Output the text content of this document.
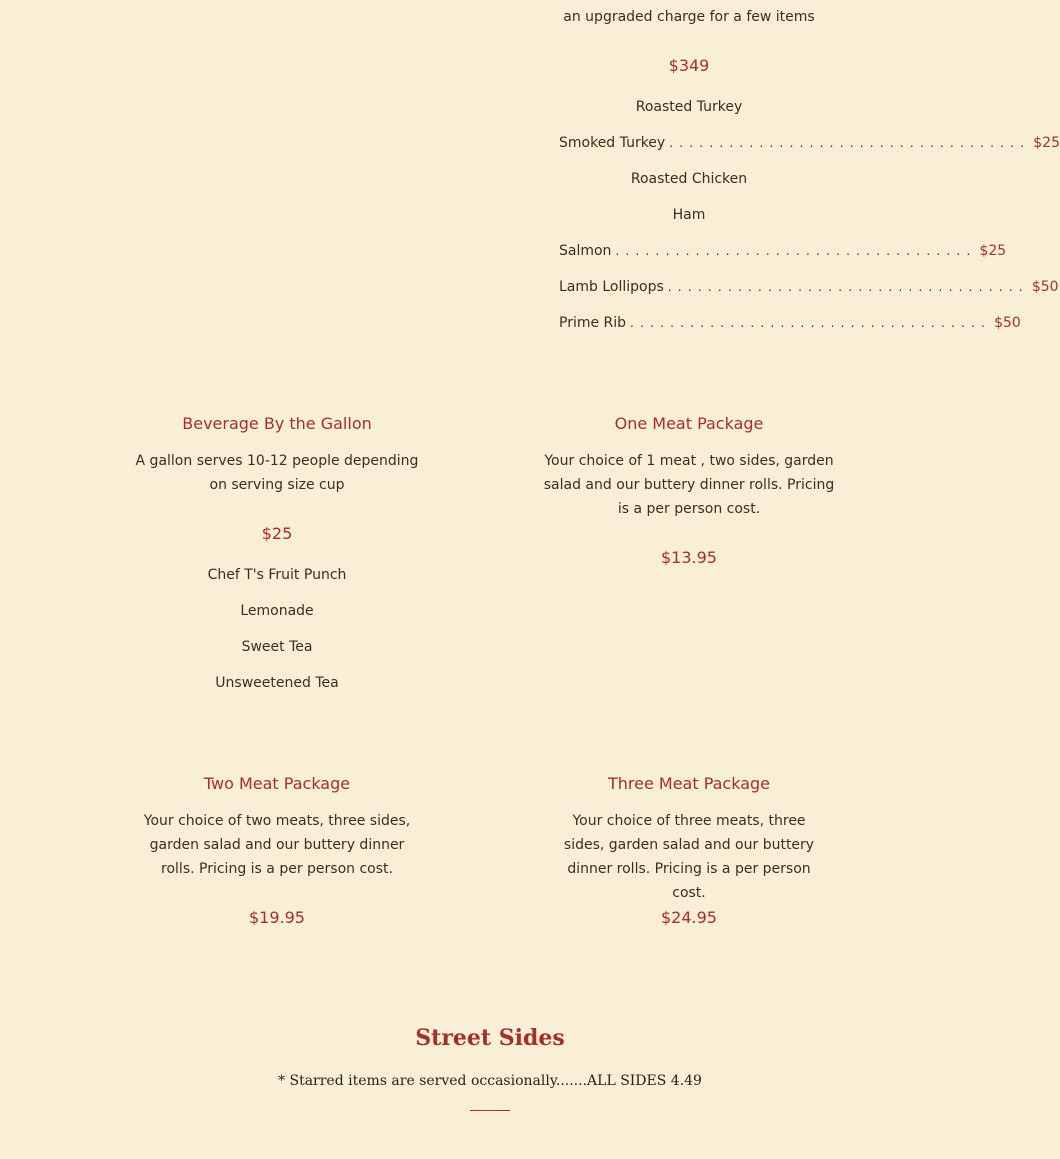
an upgraded charge for a few items

$349

Roasted Turkey
Smoked Turkey . . . . . . . . . . . . . . . . . . . . . . . . . . . . . . . . . . . . $25
Roasted Chicken
Ham
Salmon . . . . . . . . . . . . . . . . . . . . . . . . . . . . . . . . . . . . $25
Lamb Lollipops . . . . . . . . . . . . . . . . . . . . . . . . . . . . . . . . . . . . $50
Prime Rib . . . . . . . . . . . . . . . . . . . . . . . . . . . . . . . . . . . . $50
Beverage By the Gallon

A gallon serves 10-12 people depending on serving size cup

$25

Chef T's Fruit Punch
Lemonade
Sweet Tea
Unsweetened Tea
One Meat Package

Your choice of 1 meat , two sides, garden salad and our buttery dinner rolls. Pricing is a per person cost.

$13.95

Two Meat Package

Your choice of two meats, three sides, garden salad and our buttery dinner rolls. Pricing is a per person cost.

$19.95

Three Meat Package

Your choice of three meats, three sides, garden salad and our buttery dinner rolls. Pricing is a per person cost.

$24.95

Street Sides

* Starred items are served occasionally.......ALL SIDES 4.49
